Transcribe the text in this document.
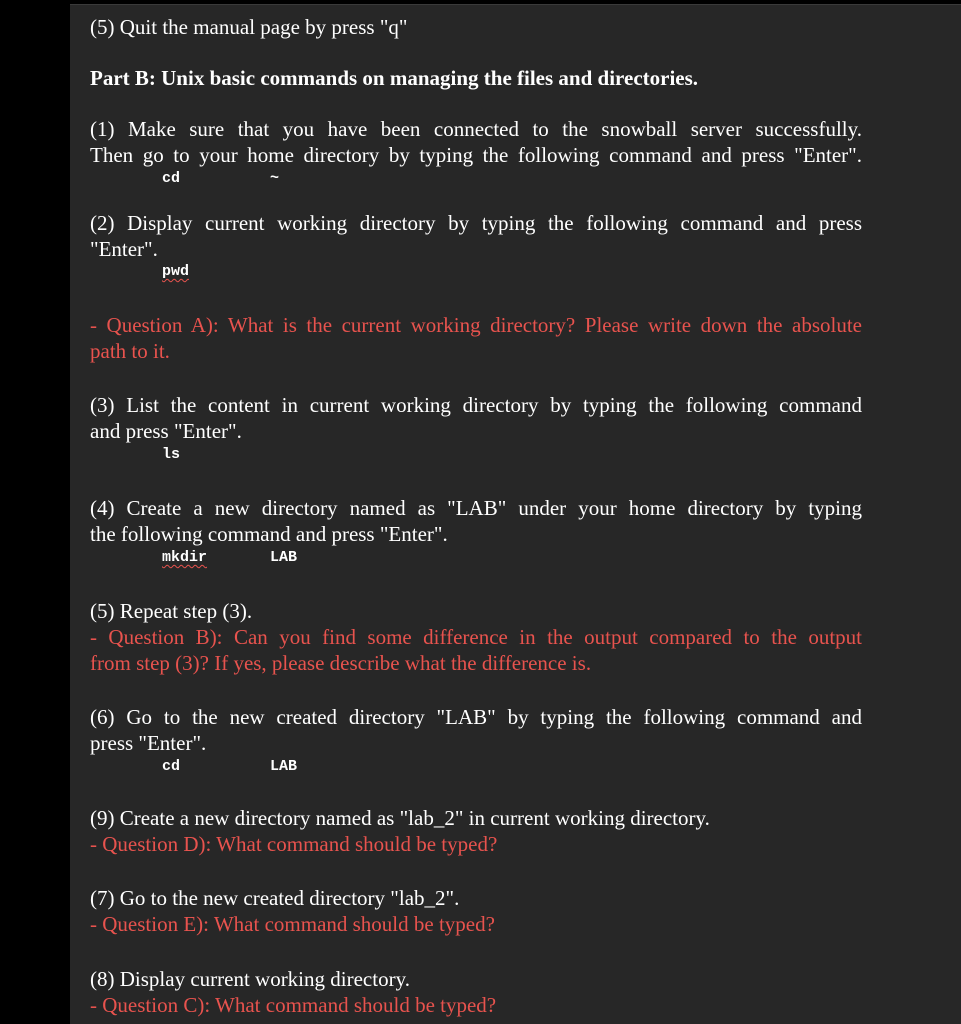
(5) Quit the manual page by press "q"

Part B: Unix basic commands on managing the files and directories.

(1) Make sure that you have been connected to the snowball server successfully.

Then go to your home directory by typing the following command and press "Enter".

cd	~

(2) Display current working directory by typing the following command and press

"Enter".

pwd

- Question A): What is the current working directory? Please write down the absolute

path to it.

(3) List the content in current working directory by typing the following command

and press "Enter".

ls

(4) Create a new directory named as "LAB" under your home directory by typing

the following command and press "Enter".

mkdir	LAB

(5) Repeat step (3).

- Question B): Can you find some difference in the output compared to the output

from step (3)? If yes, please describe what the difference is.

(6) Go to the new created directory "LAB" by typing the following command and

press "Enter".

cd	LAB

(9) Create a new directory named as "lab_2" in current working directory.

- Question D): What command should be typed?

(7) Go to the new created directory "lab_2".

- Question E): What command should be typed?

(8) Display current working directory.

- Question C): What command should be typed?
